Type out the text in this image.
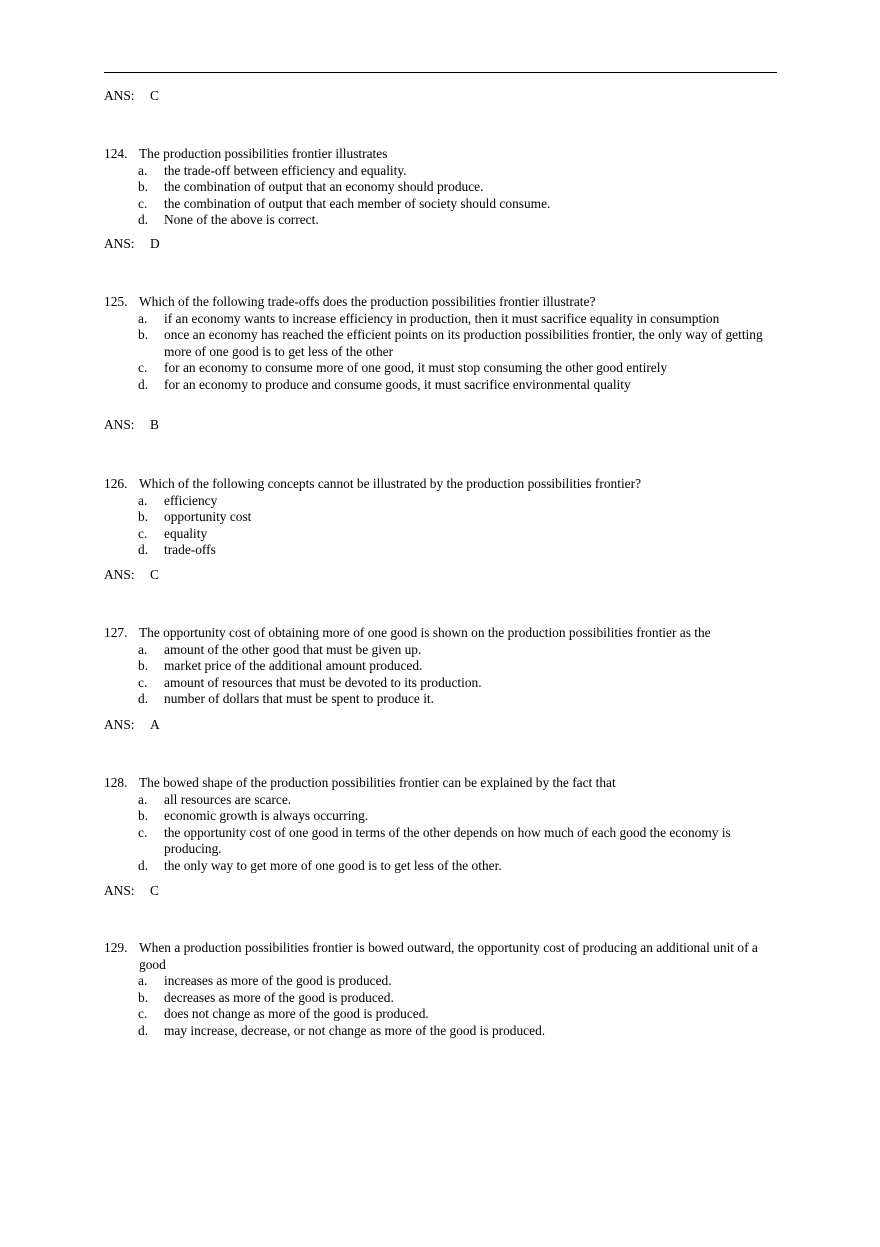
ANS: C
124. The production possibilities frontier illustrates
a.	the trade-off between efficiency and equality.
b.	the combination of output that an economy should produce.
c.	the combination of output that each member of society should consume.
d.	None of the above is correct.
ANS: D
125. Which of the following trade-offs does the production possibilities frontier illustrate?
a.	if an economy wants to increase efficiency in production, then it must sacrifice equality in consumption
b.	once an economy has reached the efficient points on its production possibilities frontier, the only way of getting more of one good is to get less of the other
c.	for an economy to consume more of one good, it must stop consuming the other good entirely
d.	for an economy to produce and consume goods, it must sacrifice environmental quality
ANS: B
126. Which of the following concepts cannot be illustrated by the production possibilities frontier?
a.	efficiency
b.	opportunity cost
c.	equality
d.	trade-offs
ANS: C
127. The opportunity cost of obtaining more of one good is shown on the production possibilities frontier as the
a.	amount of the other good that must be given up.
b.	market price of the additional amount produced.
c.	amount of resources that must be devoted to its production.
d.	number of dollars that must be spent to produce it.
ANS: A
128. The bowed shape of the production possibilities frontier can be explained by the fact that
a.	all resources are scarce.
b.	economic growth is always occurring.
c.	the opportunity cost of one good in terms of the other depends on how much of each good the economy is producing.
d.	the only way to get more of one good is to get less of the other.
ANS: C
129. When a production possibilities frontier is bowed outward, the opportunity cost of producing an additional unit of a good
a.	increases as more of the good is produced.
b.	decreases as more of the good is produced.
c.	does not change as more of the good is produced.
d.	may increase, decrease, or not change as more of the good is produced.
